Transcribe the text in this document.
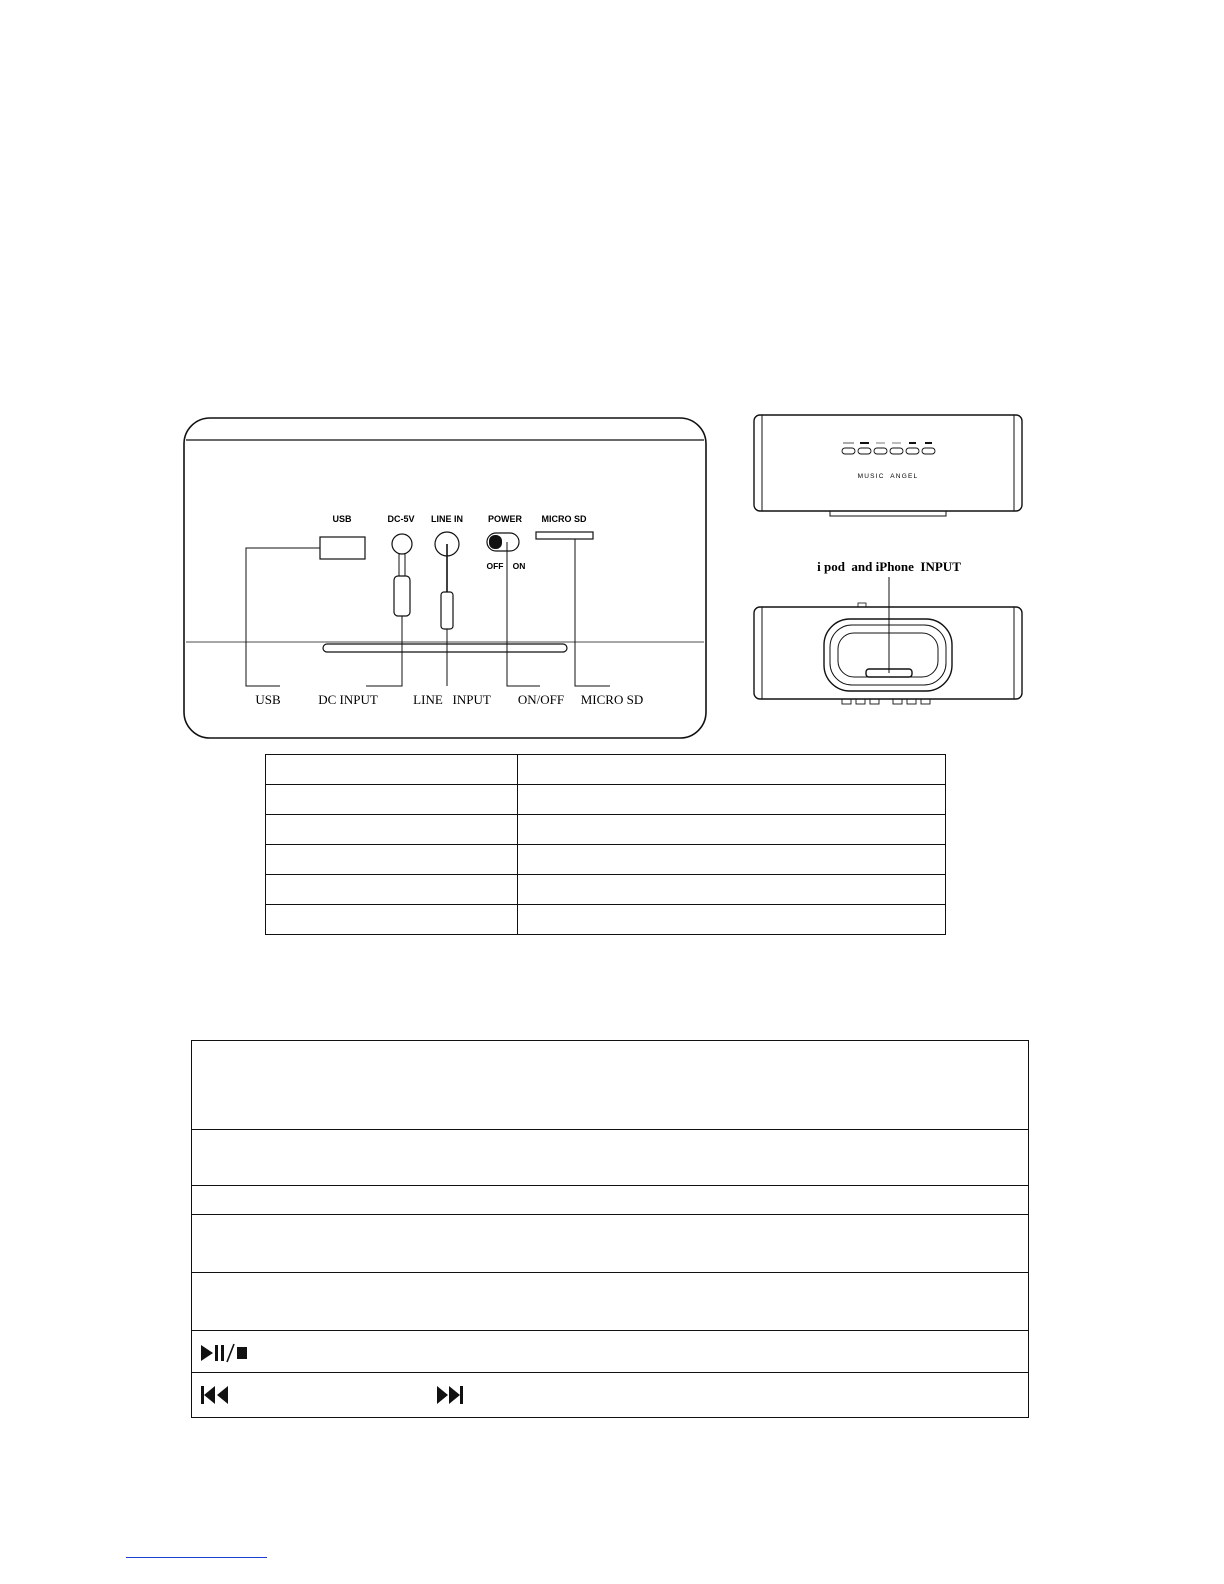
USB	DC-5V LINE IN	POWER MICRO SD
OFF ON
USB	DC INPUT	LINE   INPUT ON/OFF MICRO SD
MUSIC  ANGEL
i pod  and iPhone  INPUT
